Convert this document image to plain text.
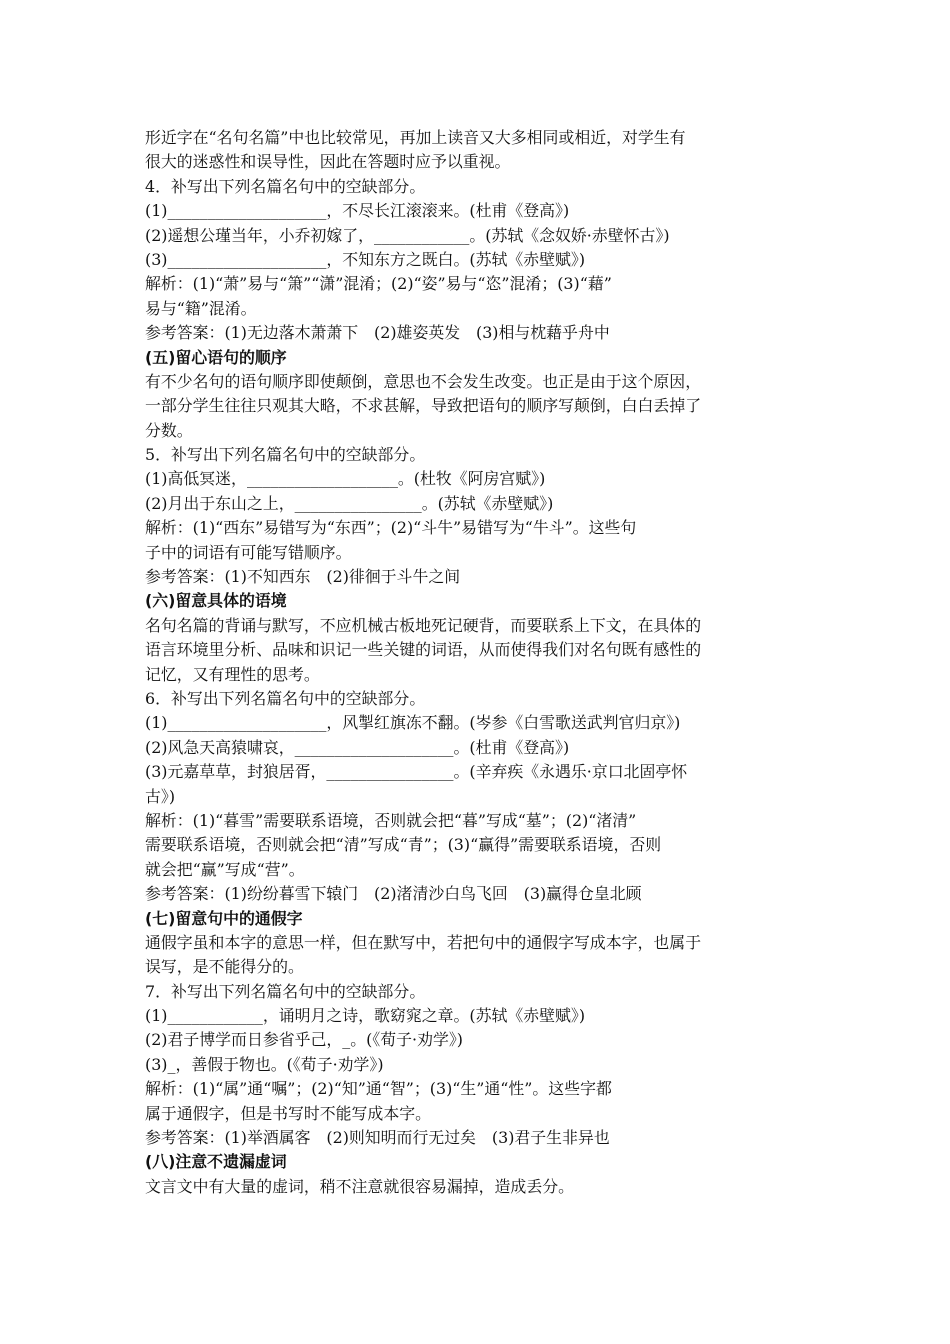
形近字在“名句名篇”中也比较常见，再加上读音又大多相同或相近，对学生有
很大的迷惑性和误导性，因此在答题时应予以重视。
4．补写出下列名篇名句中的空缺部分。
(1)____________________，不尽长江滚滚来。(杜甫《登高》)
(2)遥想公瑾当年，小乔初嫁了，____________。(苏轼《念奴娇·赤壁怀古》)
(3)____________________，不知东方之既白。(苏轼《赤壁赋》)
解析：(1)“萧”易与“箫”“潇”混淆；(2)“姿”易与“恣”混淆；(3)“藉”
易与“籍”混淆。
参考答案：(1)无边落木萧萧下　(2)雄姿英发　(3)相与枕藉乎舟中
(五)留心语句的顺序
有不少名句的语句顺序即使颠倒，意思也不会发生改变。也正是由于这个原因，
一部分学生往往只观其大略，不求甚解，导致把语句的顺序写颠倒，白白丢掉了
分数。
5．补写出下列名篇名句中的空缺部分。
(1)高低冥迷，___________________。(杜牧《阿房宫赋》)
(2)月出于东山之上，________________。(苏轼《赤壁赋》)
解析：(1)“西东”易错写为“东西”；(2)“斗牛”易错写为“牛斗”。这些句
子中的词语有可能写错顺序。
参考答案：(1)不知西东　(2)徘徊于斗牛之间
(六)留意具体的语境
名句名篇的背诵与默写，不应机械古板地死记硬背，而要联系上下文，在具体的
语言环境里分析、品味和识记一些关键的词语，从而使得我们对名句既有感性的
记忆，又有理性的思考。
6．补写出下列名篇名句中的空缺部分。
(1)____________________，风掣红旗冻不翻。(岑参《白雪歌送武判官归京》)
(2)风急天高猿啸哀，____________________。(杜甫《登高》)
(3)元嘉草草，封狼居胥，________________。(辛弃疾《永遇乐·京口北固亭怀
古》)
解析：(1)“暮雪”需要联系语境，否则就会把“暮”写成“墓”；(2)“渚清”
需要联系语境，否则就会把“清”写成“青”；(3)“赢得”需要联系语境，否则
就会把“赢”写成“营”。
参考答案：(1)纷纷暮雪下辕门　(2)渚清沙白鸟飞回　(3)赢得仓皇北顾
(七)留意句中的通假字
通假字虽和本字的意思一样，但在默写中，若把句中的通假字写成本字，也属于
误写，是不能得分的。
7．补写出下列名篇名句中的空缺部分。
(1)____________，诵明月之诗，歌窈窕之章。(苏轼《赤壁赋》)
(2)君子博学而日参省乎己，_。(《荀子·劝学》)
(3)_，善假于物也。(《荀子·劝学》)
解析：(1)“属”通“嘱”；(2)“知”通“智”；(3)“生”通“性”。这些字都
属于通假字，但是书写时不能写成本字。
参考答案：(1)举酒属客　(2)则知明而行无过矣　(3)君子生非异也
(八)注意不遗漏虚词
文言文中有大量的虚词，稍不注意就很容易漏掉，造成丢分。
